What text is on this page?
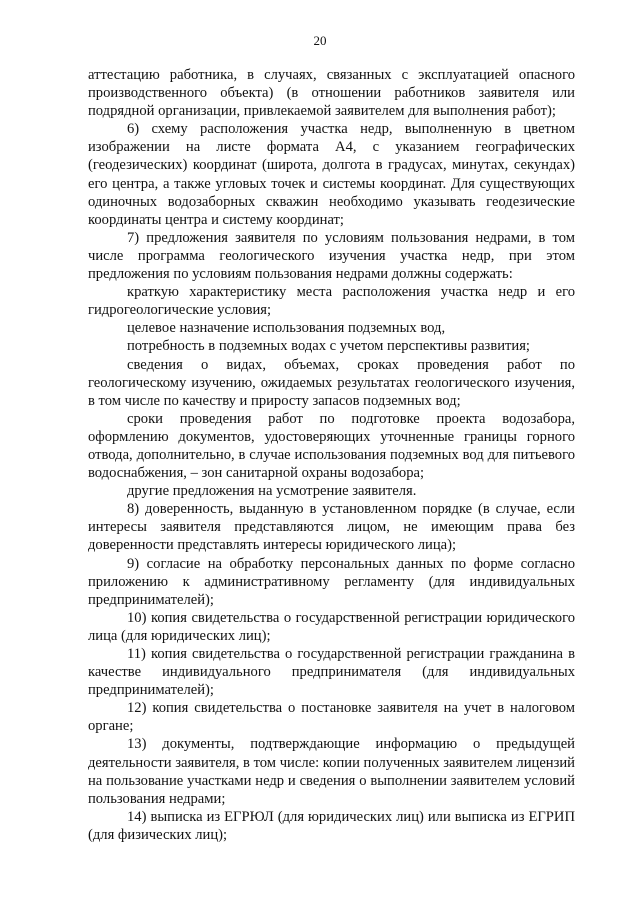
20

аттестацию работника, в случаях, связанных с эксплуатацией опасного производственного объекта) (в отношении работников заявителя или подрядной организации, привлекаемой заявителем для выполнения работ);

6) схему расположения участка недр, выполненную в цветном изображении на листе формата А4, с указанием географических (геодезических) координат (широта, долгота в градусах, минутах, секундах) его центра, а также угловых точек и системы координат. Для существующих одиночных водозаборных скважин необходимо указывать геодезические координаты центра и систему координат;

7) предложения заявителя по условиям пользования недрами, в том числе программа геологического изучения участка недр, при этом предложения по условиям пользования недрами должны содержать:

краткую характеристику места расположения участка недр и его гидрогеологические условия;

целевое назначение использования подземных вод,

потребность в подземных водах с учетом перспективы развития;

сведения о видах, объемах, сроках проведения работ по геологическому изучению, ожидаемых результатах геологического изучения, в том числе по качеству и приросту запасов подземных вод;

сроки проведения работ по подготовке проекта водозабора, оформлению документов, удостоверяющих уточненные границы горного отвода, дополнительно, в случае использования подземных вод для питьевого водоснабжения, – зон санитарной охраны водозабора;

другие предложения на усмотрение заявителя.

8) доверенность, выданную в установленном порядке (в случае, если интересы заявителя представляются лицом, не имеющим права без доверенности представлять интересы юридического лица);

9) согласие на обработку персональных данных по форме согласно приложению к административному регламенту (для индивидуальных предпринимателей);

10) копия свидетельства о государственной регистрации юридического лица (для юридических лиц);

11) копия свидетельства о государственной регистрации гражданина в качестве индивидуального предпринимателя (для индивидуальных предпринимателей);

12) копия свидетельства о постановке заявителя на учет в налоговом органе;

13) документы, подтверждающие информацию о предыдущей деятельности заявителя, в том числе: копии полученных заявителем лицензий на пользование участками недр и сведения о выполнении заявителем условий пользования недрами;

14) выписка из ЕГРЮЛ (для юридических лиц) или выписка из ЕГРИП (для физических лиц);
